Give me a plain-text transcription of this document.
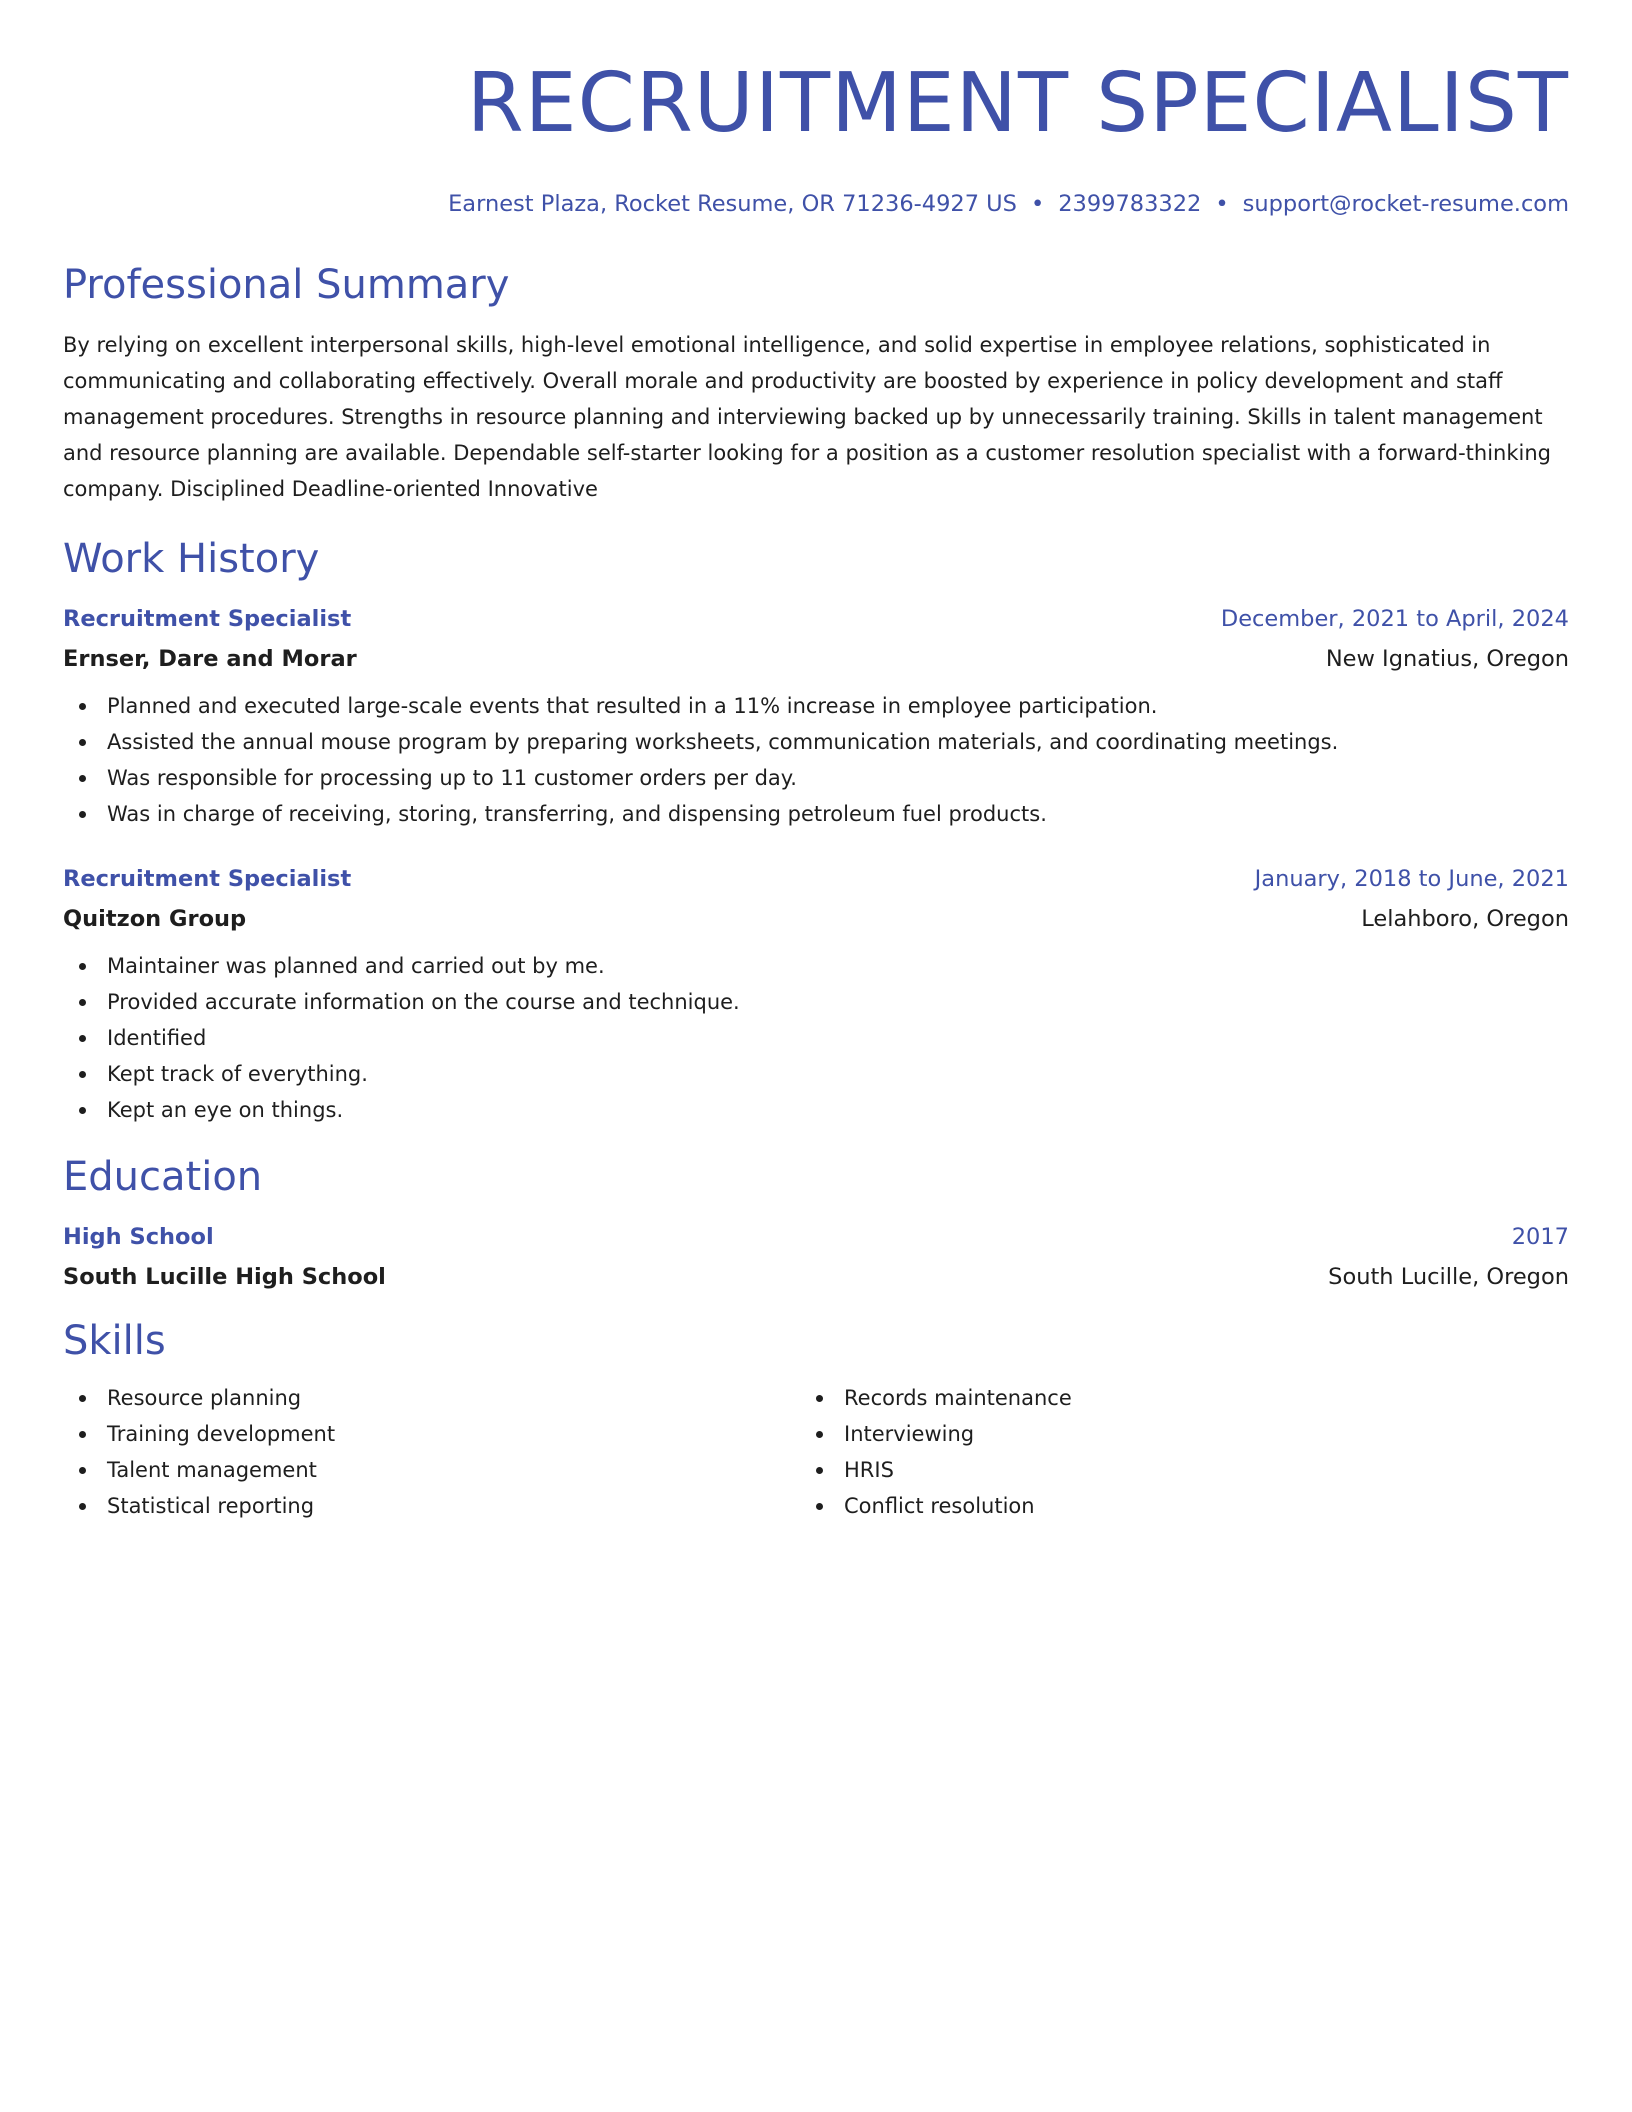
RECRUITMENT SPECIALIST
Earnest Plaza, Rocket Resume, OR 71236-4927 US • 2399783322 • support@rocket-resume.com
Professional Summary

By relying on excellent interpersonal skills, high-level emotional intelligence, and solid expertise in employee relations, sophisticated in communicating and collaborating effectively. Overall morale and productivity are boosted by experience in policy development and staff management procedures. Strengths in resource planning and interviewing backed up by unnecessarily training. Skills in talent management and resource planning are available. Dependable self-starter looking for a position as a customer resolution specialist with a forward-thinking company. Disciplined Deadline-oriented Innovative

Work History
Recruitment Specialist	December, 2021 to April, 2024
Ernser, Dare and Morar	New Ignatius, Oregon
Planned and executed large-scale events that resulted in a 11% increase in employee participation.
Assisted the annual mouse program by preparing worksheets, communication materials, and coordinating meetings.
Was responsible for processing up to 11 customer orders per day.
Was in charge of receiving, storing, transferring, and dispensing petroleum fuel products.
Recruitment Specialist	January, 2018 to June, 2021
Quitzon Group	Lelahboro, Oregon
Maintainer was planned and carried out by me.
Provided accurate information on the course and technique.
Identified
Kept track of everything.
Kept an eye on things.
Education
High School	2017
South Lucille High School	South Lucille, Oregon
Skills
Resource planning
Training development
Talent management
Statistical reporting
Records maintenance
Interviewing
HRIS
Conflict resolution
